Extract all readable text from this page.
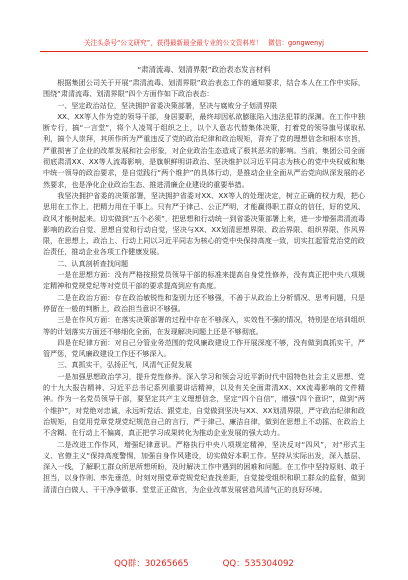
关注头条号“公文研究”，获得最新最全最专业的公文资料库！ 微信：gongwenyj
“肃清流毒、划清界限”政治表态发言材料

根据集团公司关于开展“肃清流毒、划清界限”政治表态工作的通知要求，结合本人在工作中实际，围绕“肃清流毒、划清界限”四个方面作如下政治表态：

一、坚定政治站位，坚决拥护省委决策部署，坚决与腐败分子划清界限

XX、XX等人作为党的领导干部，身居要职，最终却因私欲膨胀陷入违法犯罪的深渊。在工作中独断专行，搞“一言堂”，将个人凌驾于组织之上，以个人意志代替集体决策，打着党的领导旗号谋取私利，搞个人崇拜，其所作所为严重违反了党的政治纪律和政治规矩，背弃了党的理想信念和根本宗旨，严重损害了企业的改革发展和社会形象，对企业政治生态造成了极其恶劣的影响。当前，集团公司全面彻底肃清XX、XX等人流毒影响，是旗帜鲜明讲政治、坚决维护以习近平同志为核心的党中央权威和集中统一领导的政治要求，是自觉践行“两个维护”的具体行动，是推动企业全面从严治党向纵深发展的必然要求，也是净化企业政治生态、推进清廉企业建设的重要举措。

我坚决拥护省委的决策部署，坚决拥护省委对XX、XX等人的处理决定，树立正确的权力观，把心思用在工作上，把精力用在干事上。只有严于律己、公正严明，才能赢得职工群众的信任，好的党风、政风才能树起来。切实做到“五个必须”，把思想和行动统一到省委决策部署上来，进一步增强肃清流毒影响的政治自觉、思想自觉和行动自觉，坚决与XX、XX划清思想界限、政治界限、组织界限、作风界限，在思想上、政治上、行动上同以习近平同志为核心的党中央保持高度一致，切实扛起管党治党的政治责任，推动企业各项工作健康发展。

二、认真剖析查找问题

一是在思想方面：没有严格按照党员领导干部的标准来提高自身党性修养，没有真正把中央八项规定精神和党规党纪等对党员干部的要求提高到应有高度。

二是在政治方面：存在政治敏锐性和鉴别力还不够强，不善于从政治上分析情况、思考问题，只是停留在一般的判断上，政治担当意识不够强。

三是在作风方面：在落实决策部署的过程中存在不够深入，实效性不强的情况，特别是在培训组织等的计划落实方面还不够细化全面，在发现解决问题上还是不够彻底。

四是在纪律方面：对自己分管业务范围的党风廉政建设工作开展深度不够，没有做到真抓实干，严管严惩，党风廉政建设工作还不够深入。

三、真抓实干，弘扬正气，风清气正促发展

一是加强思想政治学习，提升党性修养。深入学习和领会习近平新时代中国特色社会主义思想、党的十九大报告精神、习近平总书记系列重要讲话精神，以及有关全面肃清XX、XX流毒影响的文件精神。作为一名党员领导干部，要坚定共产主义理想信念，坚定“四个自信”，增强“四个意识”，做到“两个维护”，对党绝对忠诚，永远听党话、跟党走，自觉做到坚决与XX、XX划清界限，严守政治纪律和政治规矩，自觉用党章党规党纪规范自己的言行，严于律己、廉洁自律，做到在思想上不动摇、在政治上不含糊、在行动上不偏离，真正把学习成果转化为推动企业发展的强大动力。

二是改进工作作风，增强纪律意识。严格执行中央八项规定精神，坚决反对“四风”，对“形式主义、官僚主义”保持高度警惕，加强自身作风建设，切实做好本职工作。坚持从实际出发，深入基层、深入一线，了解职工群众所思所想所盼，及时解决工作中遇到的困难和问题。在工作中坚持原则、敢于担当，以身作则、率先垂范，时刻对照党章党规党纪查找差距，自觉接受组织和职工群众的监督，做到清清白白做人、干干净净做事、堂堂正正做官，为企业改革发展营造风清气正的良好环境。

QQ群：30265665	QQ：535304092
